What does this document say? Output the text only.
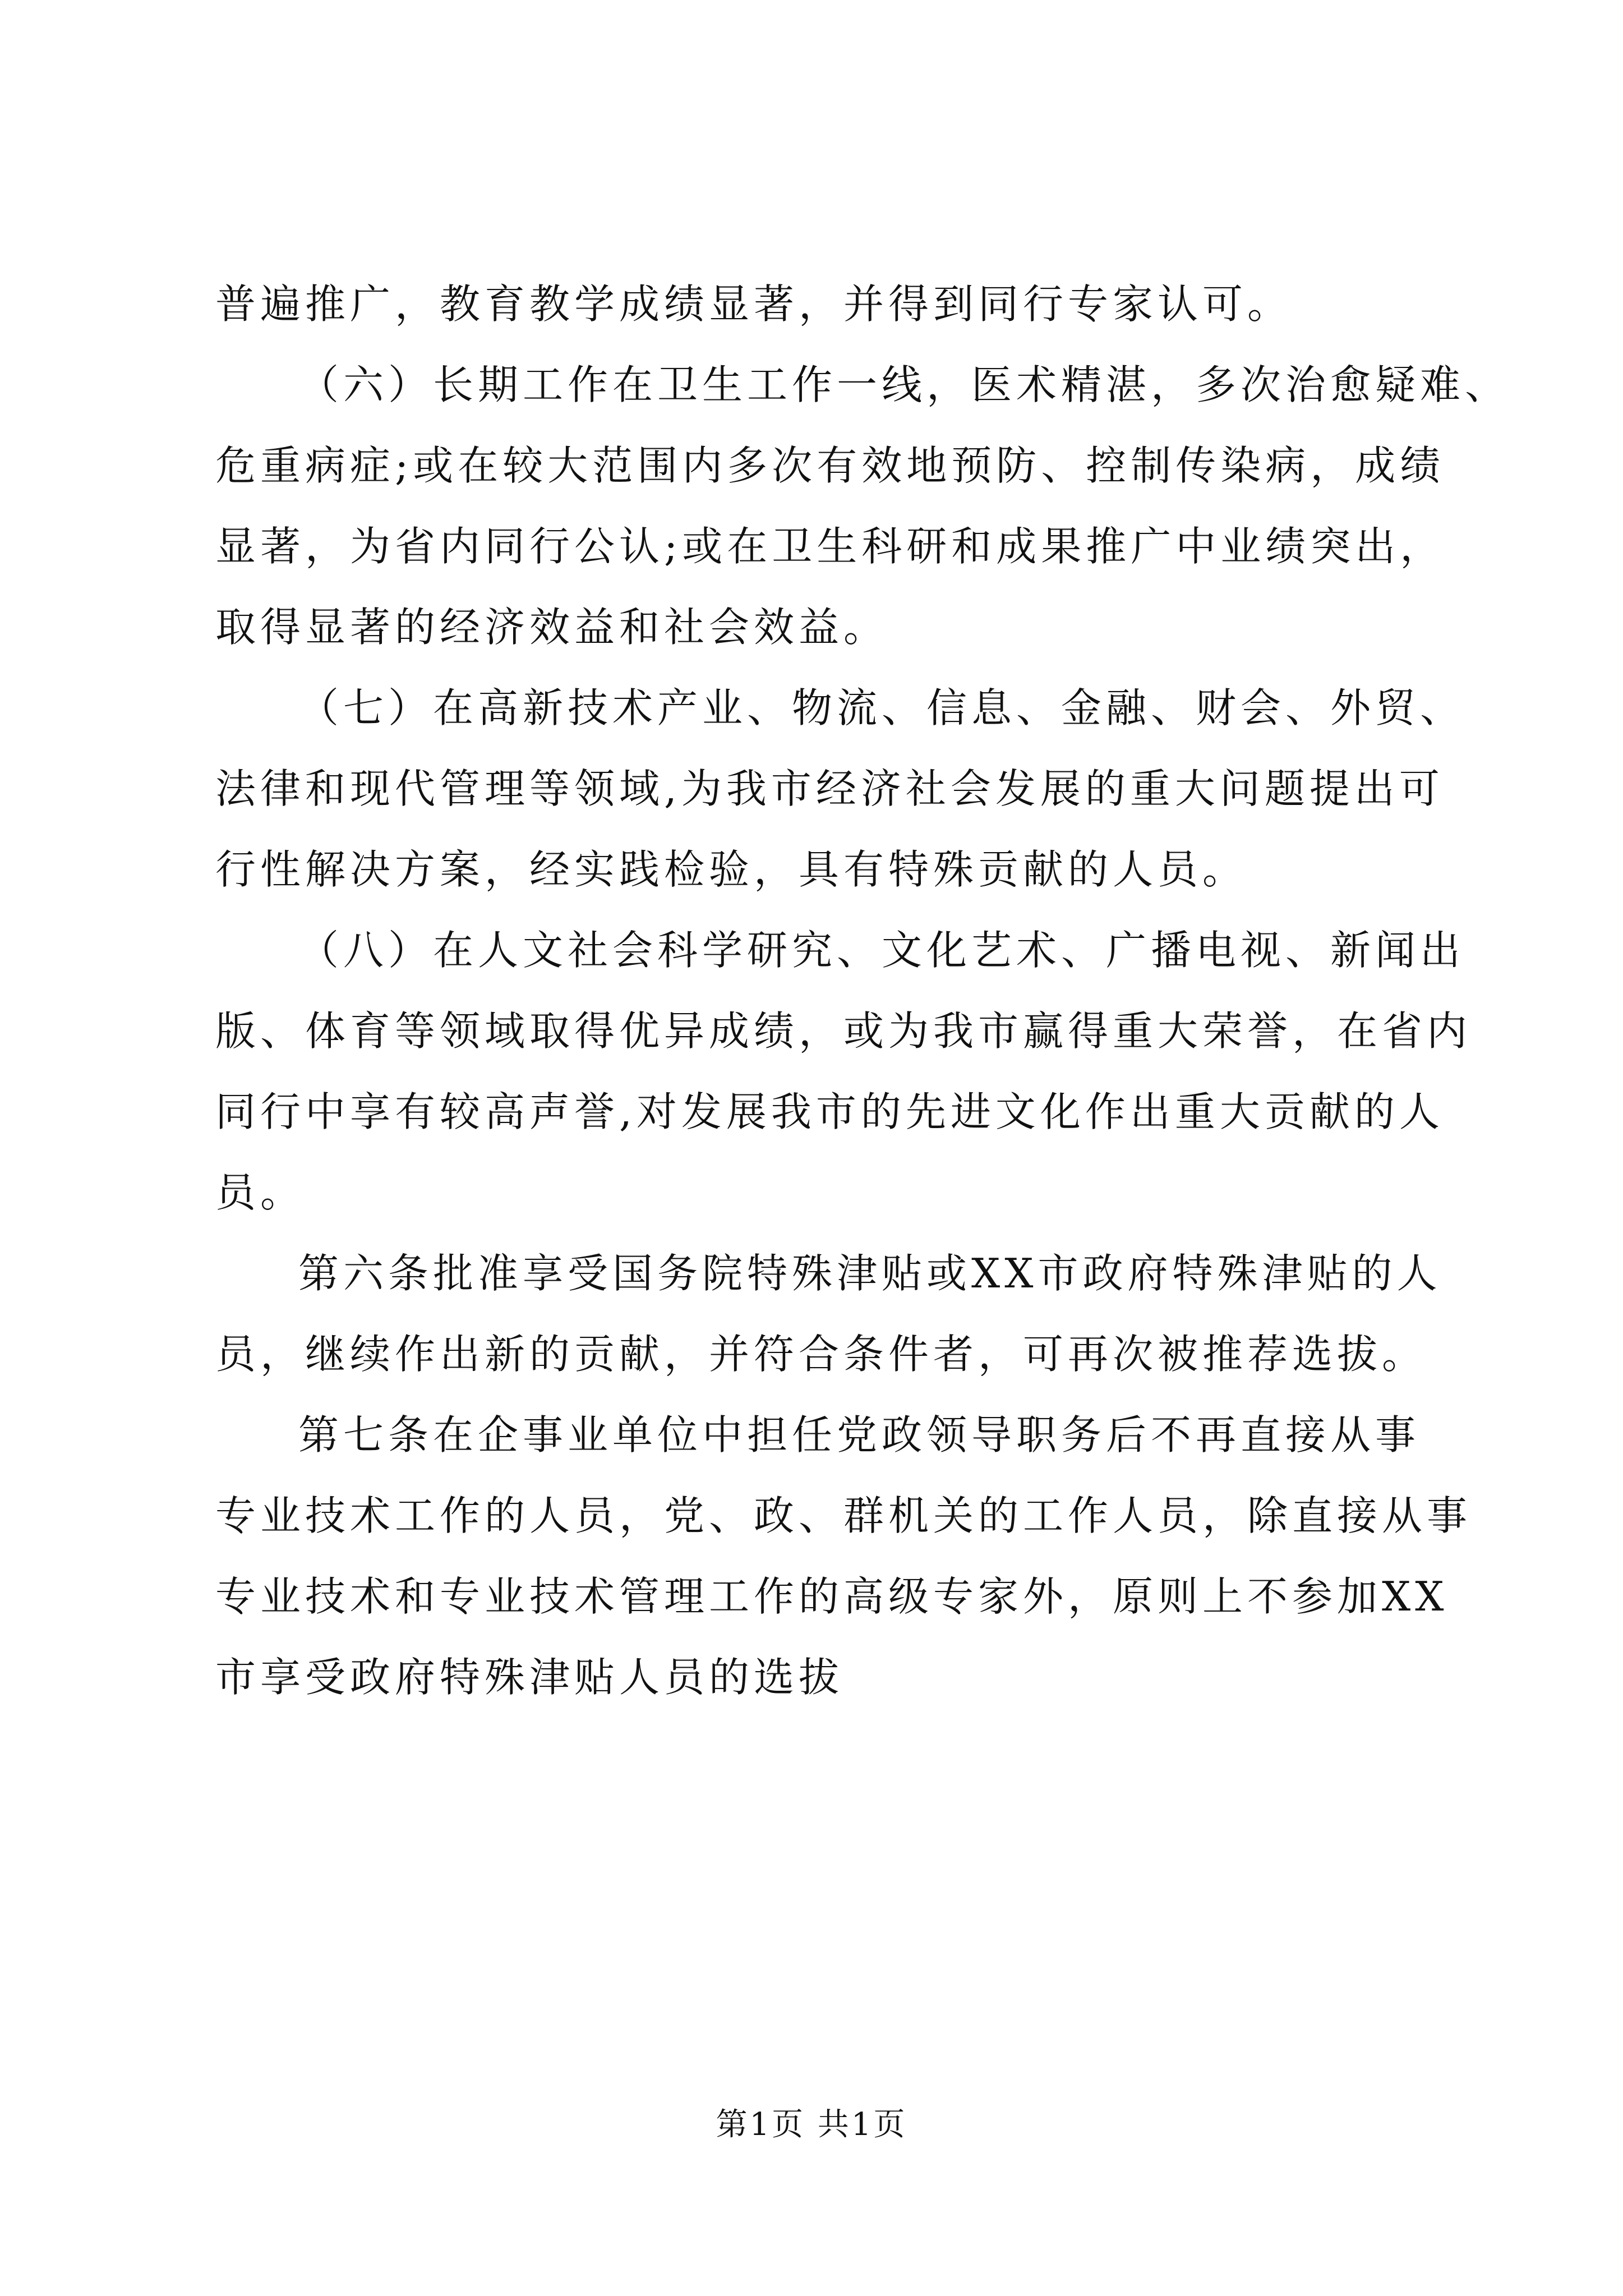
普遍推广，教育教学成绩显著，并得到同行专家认可。
（六）长期工作在卫生工作一线，医术精湛，多次治愈疑难、
危重病症;或在较大范围内多次有效地预防、控制传染病，成绩
显著，为省内同行公认;或在卫生科研和成果推广中业绩突出，
取得显著的经济效益和社会效益。
（七）在高新技术产业、物流、信息、金融、财会、外贸、
法律和现代管理等领域,为我市经济社会发展的重大问题提出可
行性解决方案，经实践检验，具有特殊贡献的人员。
（八）在人文社会科学研究、文化艺术、广播电视、新闻出
版、体育等领域取得优异成绩，或为我市赢得重大荣誉，在省内
同行中享有较高声誉,对发展我市的先进文化作出重大贡献的人
员。
第六条批准享受国务院特殊津贴或XX市政府特殊津贴的人
员，继续作出新的贡献，并符合条件者，可再次被推荐选拔。
第七条在企事业单位中担任党政领导职务后不再直接从事
专业技术工作的人员，党、政、群机关的工作人员，除直接从事
专业技术和专业技术管理工作的高级专家外，原则上不参加XX
市享受政府特殊津贴人员的选拔
第1页 共1页
